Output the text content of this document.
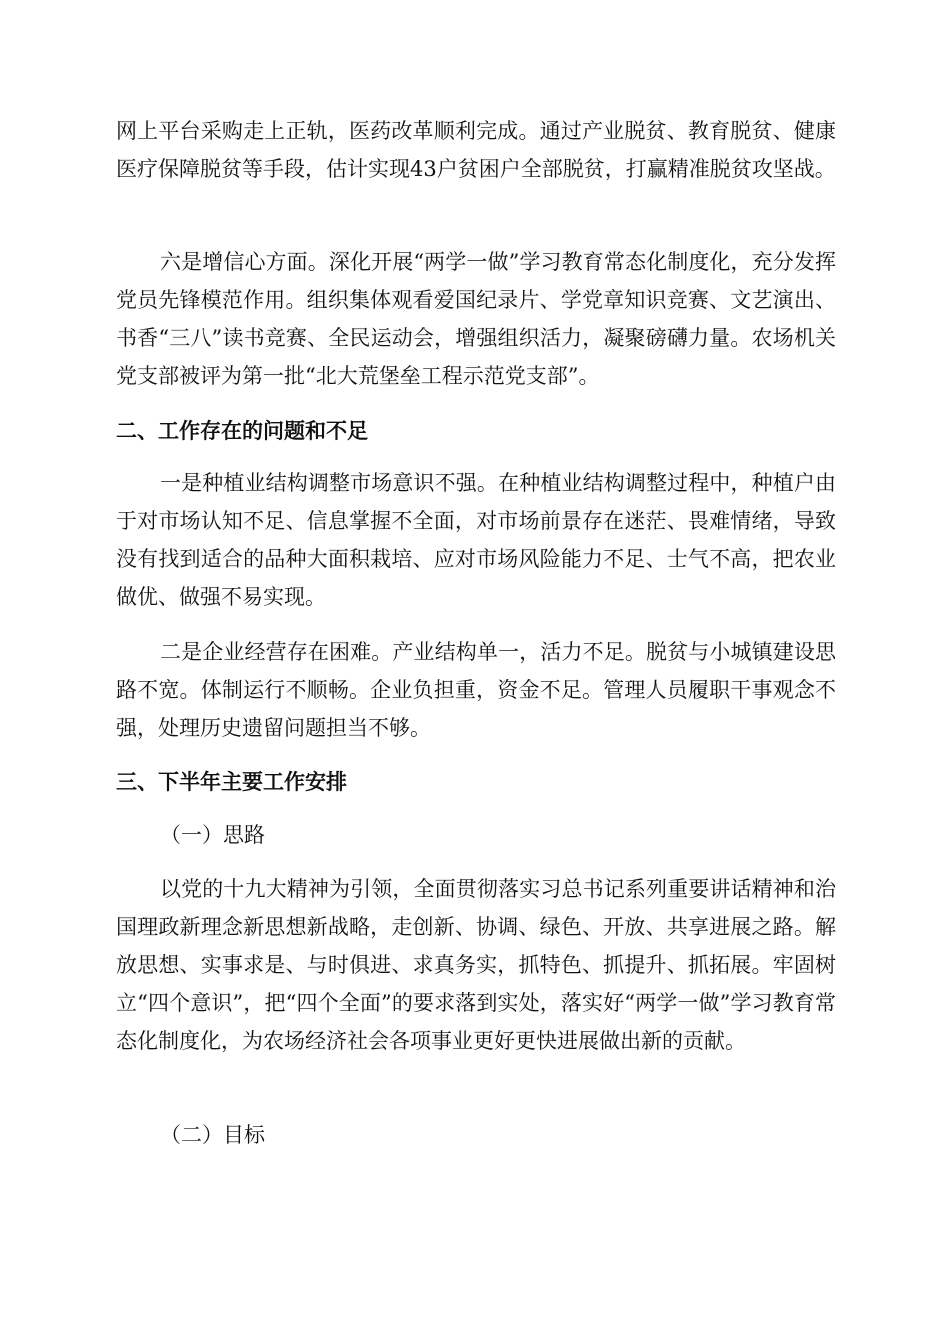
网上平台采购走上正轨，医药改革顺利完成。通过产业脱贫、教育脱贫、健康医疗保障脱贫等手段，估计实现43户贫困户全部脱贫，打赢精准脱贫攻坚战。

六是增信心方面。深化开展“两学一做”学习教育常态化制度化，充分发挥党员先锋模范作用。组织集体观看爱国纪录片、学党章知识竞赛、文艺演出、书香“三八”读书竞赛、全民运动会，增强组织活力，凝聚磅礴力量。农场机关党支部被评为第一批“北大荒堡垒工程示范党支部”。

二、工作存在的问题和不足

一是种植业结构调整市场意识不强。在种植业结构调整过程中，种植户由于对市场认知不足、信息掌握不全面，对市场前景存在迷茫、畏难情绪，导致没有找到适合的品种大面积栽培、应对市场风险能力不足、士气不高，把农业做优、做强不易实现。

二是企业经营存在困难。产业结构单一，活力不足。脱贫与小城镇建设思路不宽。体制运行不顺畅。企业负担重，资金不足。管理人员履职干事观念不强，处理历史遗留问题担当不够。

三、下半年主要工作安排

（一）思路

以党的十九大精神为引领，全面贯彻落实习总书记系列重要讲话精神和治国理政新理念新思想新战略，走创新、协调、绿色、开放、共享进展之路。解放思想、实事求是、与时俱进、求真务实，抓特色、抓提升、抓拓展。牢固树立“四个意识”，把“四个全面”的要求落到实处，落实好“两学一做”学习教育常态化制度化，为农场经济社会各项事业更好更快进展做出新的贡献。

（二）目标
